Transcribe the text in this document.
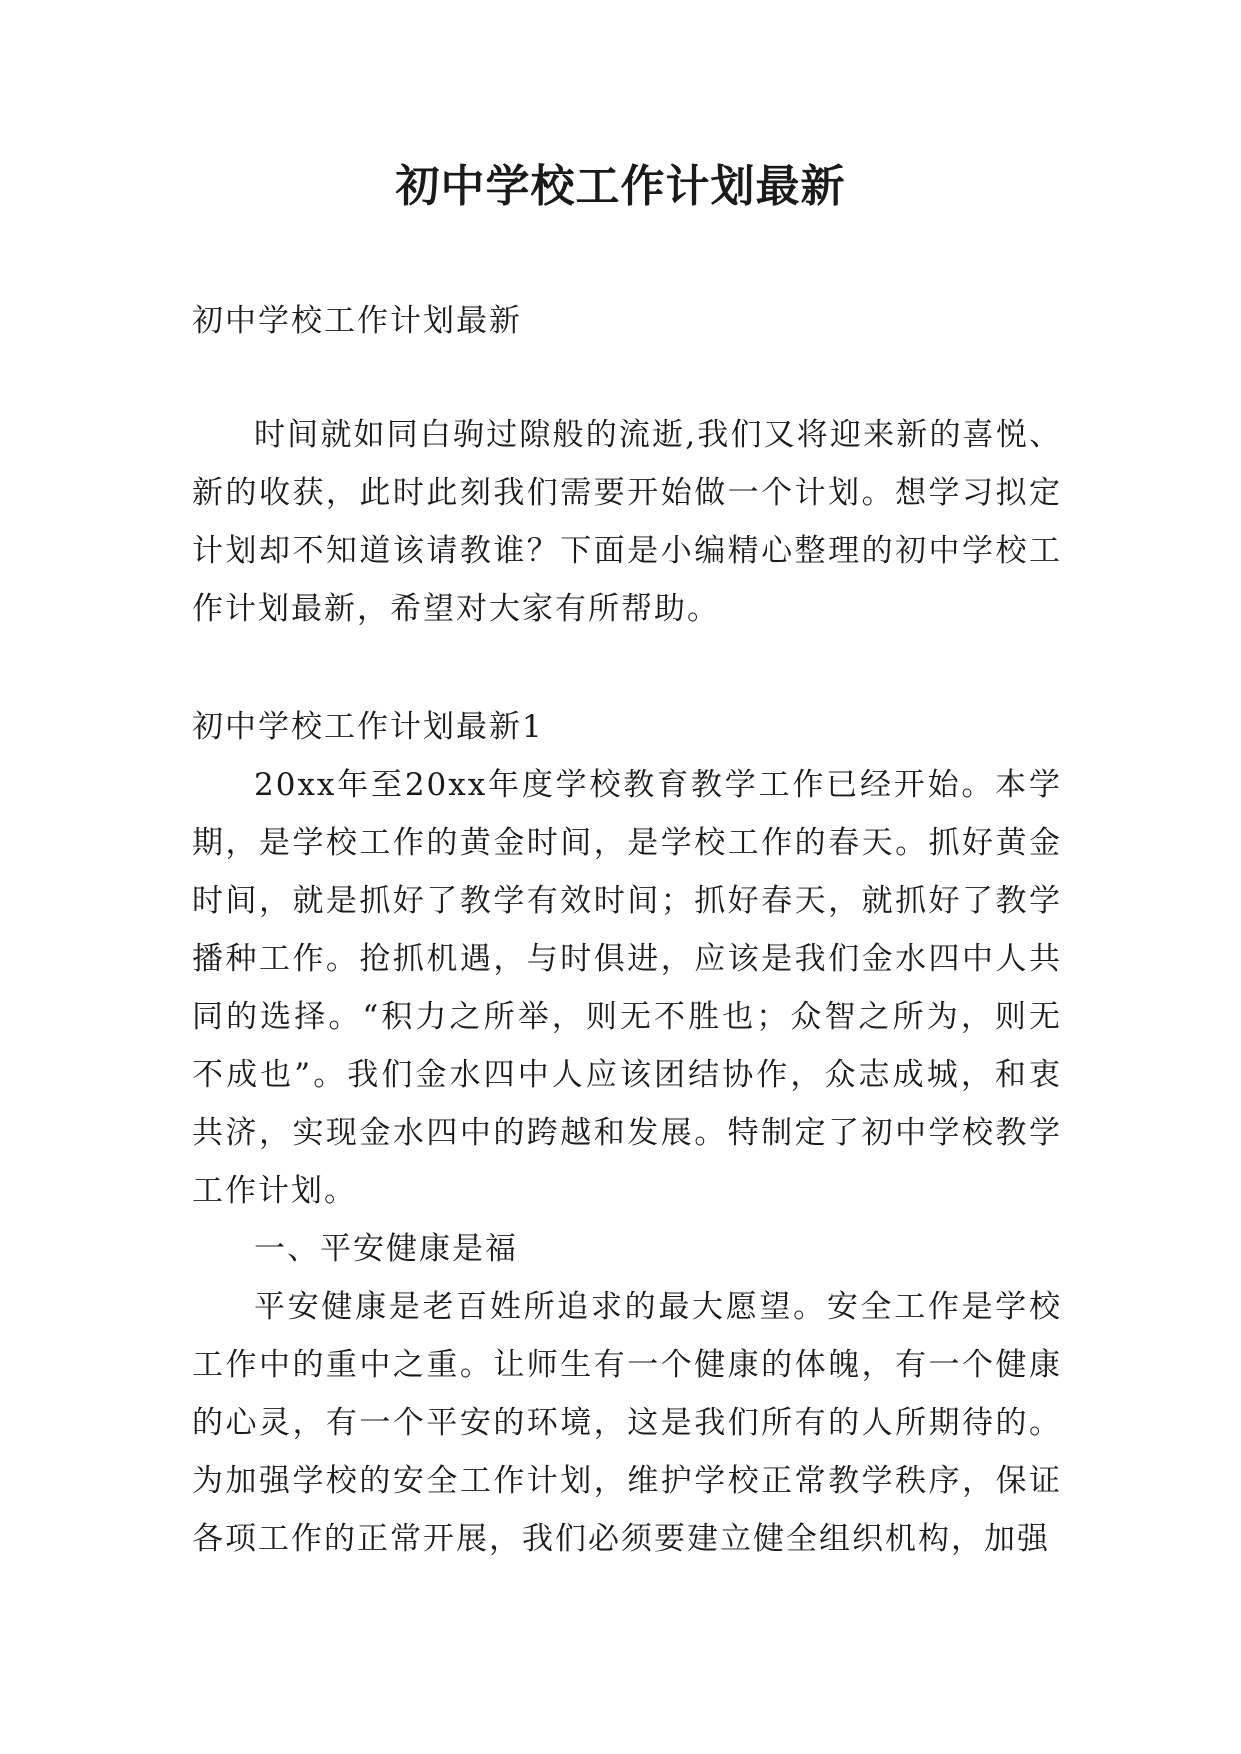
初中学校工作计划最新
初中学校工作计划最新

时间就如同白驹过隙般的流逝,我们又将迎来新的喜悦、新的收获，此时此刻我们需要开始做一个计划。想学习拟定计划却不知道该请教谁？下面是小编精心整理的初中学校工作计划最新，希望对大家有所帮助。

初中学校工作计划最新1

20xx年至20xx年度学校教育教学工作已经开始。本学期，是学校工作的黄金时间，是学校工作的春天。抓好黄金时间，就是抓好了教学有效时间；抓好春天，就抓好了教学播种工作。抢抓机遇，与时俱进，应该是我们金水四中人共同的选择。“积力之所举，则无不胜也；众智之所为，则无不成也”。我们金水四中人应该团结协作，众志成城，和衷共济，实现金水四中的跨越和发展。特制定了初中学校教学工作计划。

一、平安健康是福

平安健康是老百姓所追求的最大愿望。安全工作是学校工作中的重中之重。让师生有一个健康的体魄，有一个健康的心灵，有一个平安的环境，这是我们所有的人所期待的。为加强学校的安全工作计划，维护学校正常教学秩序，保证各项工作的正常开展，我们必须要建立健全组织机构，加强
